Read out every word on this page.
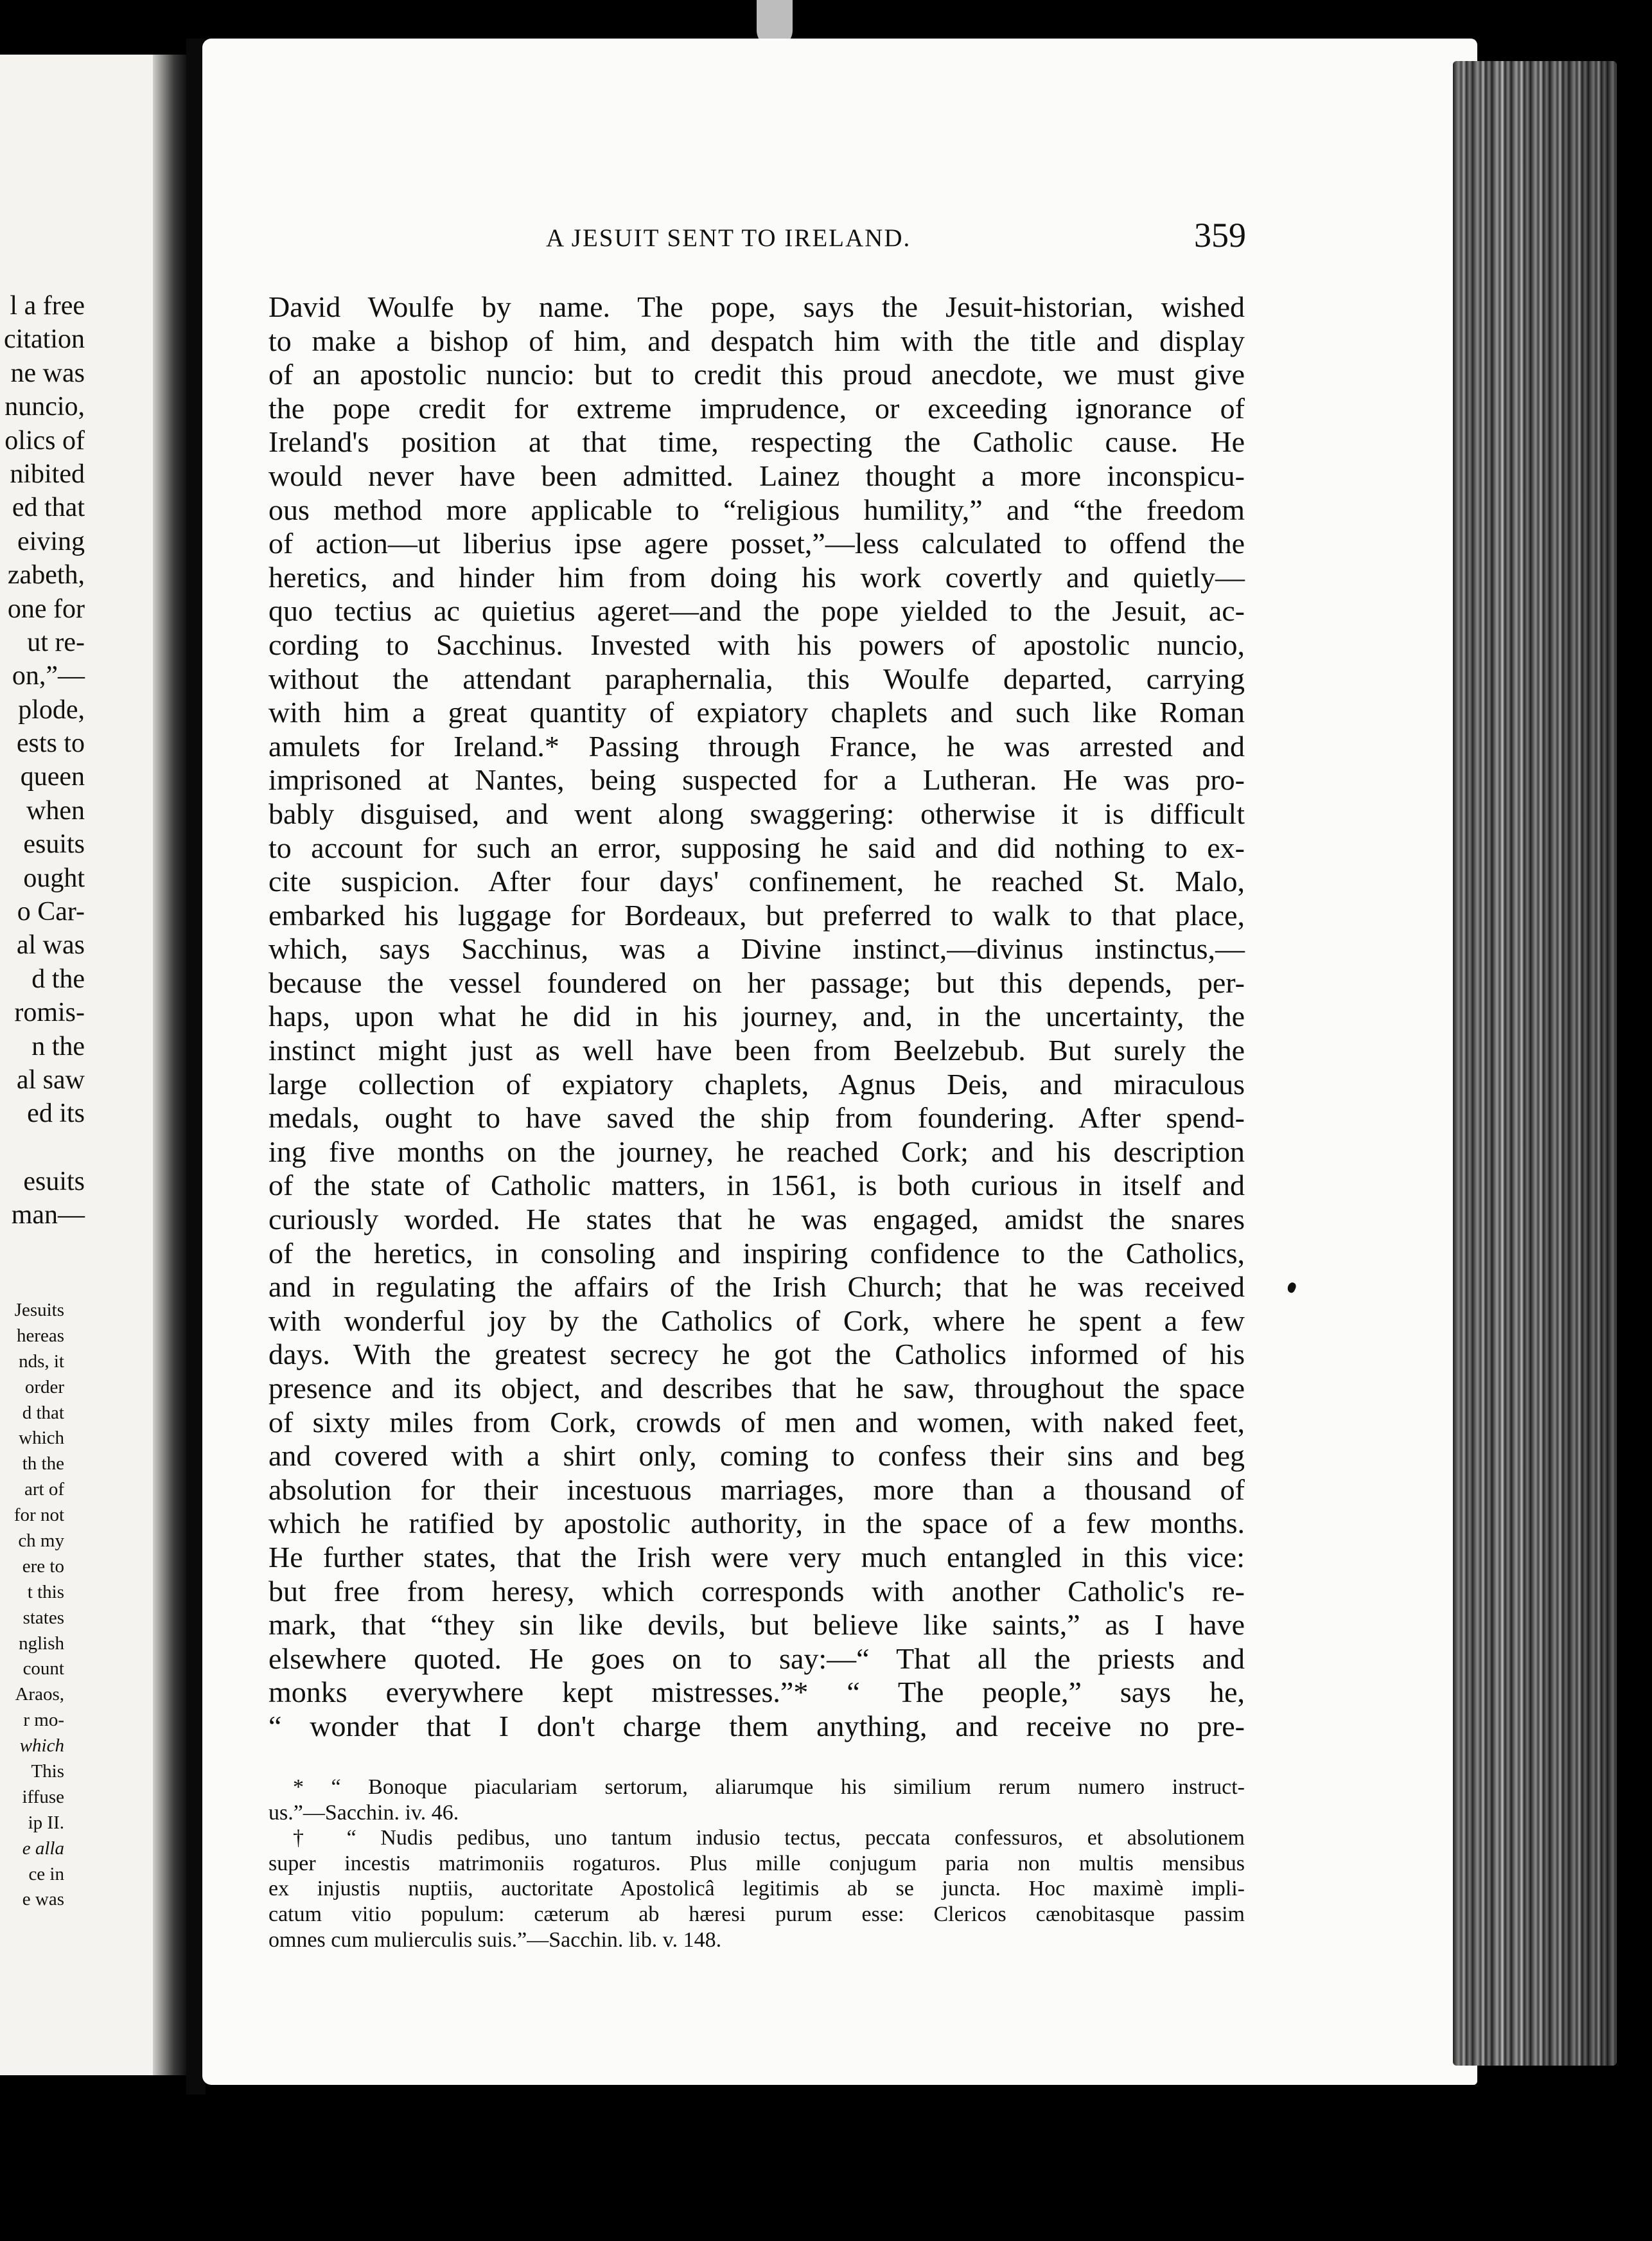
l a free
citation
ne was
nuncio,
olics of
nibited
ed that
eiving
zabeth,
one for
ut re-
on,”—
plode,
ests to
queen
when
esuits
ought
o Car-
al was
d the
romis-
n the
al saw
ed its
esuits
man—
Jesuits
hereas
nds, it
order
d that
which
th the
art of
for not
ch my
ere to
t this
states
nglish
count
Araos,
r mo-
which
This
iffuse
ip II.
e alla
ce in
e was
A JESUIT SENT TO IRELAND.	359
David Woulfe by name. The pope, says the Jesuit-historian, wished
to make a bishop of him, and despatch him with the title and display
of an apostolic nuncio: but to credit this proud anecdote, we must give
the pope credit for extreme imprudence, or exceeding ignorance of
Ireland's position at that time, respecting the Catholic cause. He
would never have been admitted. Lainez thought a more inconspicu-
ous method more applicable to “religious humility,” and “the freedom
of action—ut liberius ipse agere posset,”—less calculated to offend the
heretics, and hinder him from doing his work covertly and quietly—
quo tectius ac quietius ageret—and the pope yielded to the Jesuit, ac-
cording to Sacchinus. Invested with his powers of apostolic nuncio,
without the attendant paraphernalia, this Woulfe departed, carrying
with him a great quantity of expiatory chaplets and such like Roman
amulets for Ireland.* Passing through France, he was arrested and
imprisoned at Nantes, being suspected for a Lutheran. He was pro-
bably disguised, and went along swaggering: otherwise it is difficult
to account for such an error, supposing he said and did nothing to ex-
cite suspicion. After four days' confinement, he reached St. Malo,
embarked his luggage for Bordeaux, but preferred to walk to that place,
which, says Sacchinus, was a Divine instinct,—divinus instinctus,—
because the vessel foundered on her passage; but this depends, per-
haps, upon what he did in his journey, and, in the uncertainty, the
instinct might just as well have been from Beelzebub. But surely the
large collection of expiatory chaplets, Agnus Deis, and miraculous
medals, ought to have saved the ship from foundering. After spend-
ing five months on the journey, he reached Cork; and his description
of the state of Catholic matters, in 1561, is both curious in itself and
curiously worded. He states that he was engaged, amidst the snares
of the heretics, in consoling and inspiring confidence to the Catholics,
and in regulating the affairs of the Irish Church; that he was received
with wonderful joy by the Catholics of Cork, where he spent a few
days. With the greatest secrecy he got the Catholics informed of his
presence and its object, and describes that he saw, throughout the space
of sixty miles from Cork, crowds of men and women, with naked feet,
and covered with a shirt only, coming to confess their sins and beg
absolution for their incestuous marriages, more than a thousand of
which he ratified by apostolic authority, in the space of a few months.
He further states, that the Irish were very much entangled in this vice:
but free from heresy, which corresponds with another Catholic's re-
mark, that “they sin like devils, but believe like saints,” as I have
elsewhere quoted. He goes on to say:—“ That all the priests and
monks everywhere kept mistresses.”* “ The people,” says he,
“ wonder that I don't charge them anything, and receive no pre-
* “ Bonoque piaculariam sertorum, aliarumque his similium rerum numero instruct-
us.”—Sacchin. iv. 46.
† “ Nudis pedibus, uno tantum indusio tectus, peccata confessuros, et absolutionem
super incestis matrimoniis rogaturos. Plus mille conjugum paria non multis mensibus
ex injustis nuptiis, auctoritate Apostolicâ legitimis ab se juncta. Hoc maximè impli-
catum vitio populum: cæterum ab hæresi purum esse: Clericos cænobitasque passim
omnes cum mulierculis suis.”—Sacchin. lib. v. 148.
